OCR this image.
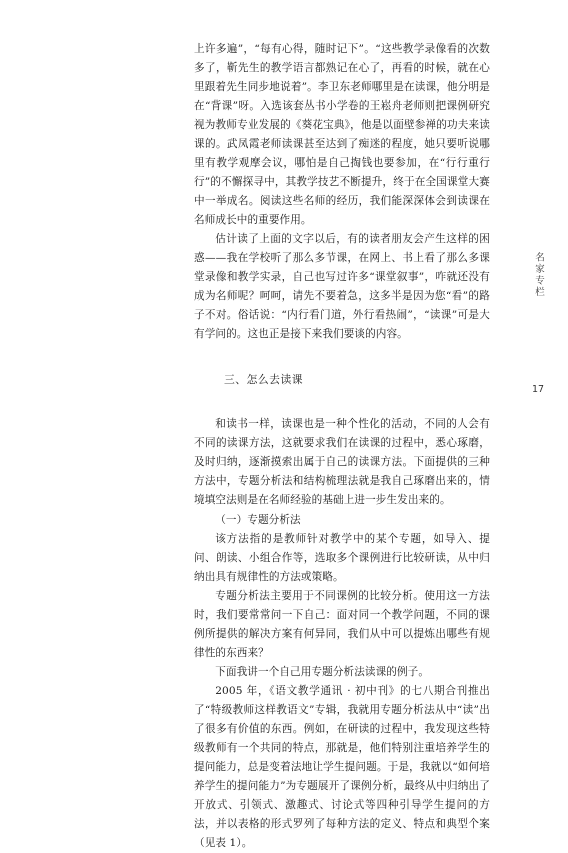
上许多遍”，“每有心得，随时记下”。“这些教学录像看的次数多了，靳先生的教学语言都熟记在心了，再看的时候，就在心里跟着先生同步地说着”。李卫东老师哪里是在读课，他分明是在“背课”呀。入选该套丛书小学卷的王崧舟老师则把课例研究视为教师专业发展的《葵花宝典》，他是以面壁参禅的功夫来读课的。武凤霞老师读课甚至达到了痴迷的程度，她只要听说哪里有教学观摩会议，哪怕是自己掏钱也要参加，在“行行重行行”的不懈探寻中，其教学技艺不断提升，终于在全国课堂大赛中一举成名。阅读这些名师的经历，我们能深深体会到读课在名师成长中的重要作用。

估计读了上面的文字以后，有的读者朋友会产生这样的困惑——我在学校听了那么多节课，在网上、书上看了那么多课堂录像和教学实录，自己也写过许多“课堂叙事”，咋就还没有成为名师呢？呵呵，请先不要着急，这多半是因为您“看”的路子不对。俗话说：“内行看门道，外行看热闹”，“读课”可是大有学问的。这也正是接下来我们要谈的内容。

三、怎么去读课

和读书一样，读课也是一种个性化的活动，不同的人会有不同的读课方法，这就要求我们在读课的过程中，悉心琢磨，及时归纳，逐渐摸索出属于自己的读课方法。下面提供的三种方法中，专题分析法和结构梳理法就是我自己琢磨出来的，情境填空法则是在名师经验的基础上进一步生发出来的。

（一）专题分析法

该方法指的是教师针对教学中的某个专题，如导入、提问、朗读、小组合作等，选取多个课例进行比较研读，从中归纳出具有规律性的方法或策略。

专题分析法主要用于不同课例的比较分析。使用这一方法时，我们要常常问一下自己：面对同一个教学问题，不同的课例所提供的解决方案有何异同，我们从中可以提炼出哪些有规律性的东西来？

下面我讲一个自己用专题分析法读课的例子。

2005 年，《语文教学通讯 · 初中刊》的七八期合刊推出了“特级教师这样教语文”专辑，我就用专题分析法从中“读”出了很多有价值的东西。例如，在研读的过程中，我发现这些特级教师有一个共同的特点，那就是，他们特别注重培养学生的提问能力，总是变着法地让学生提问题。于是，我就以“如何培养学生的提问能力”为专题展开了课例分析，最终从中归纳出了开放式、引领式、激趣式、讨论式等四种引导学生提问的方法，并以表格的形式罗列了每种方法的定义、特点和典型个案（见表 1）。

名家专栏
17
